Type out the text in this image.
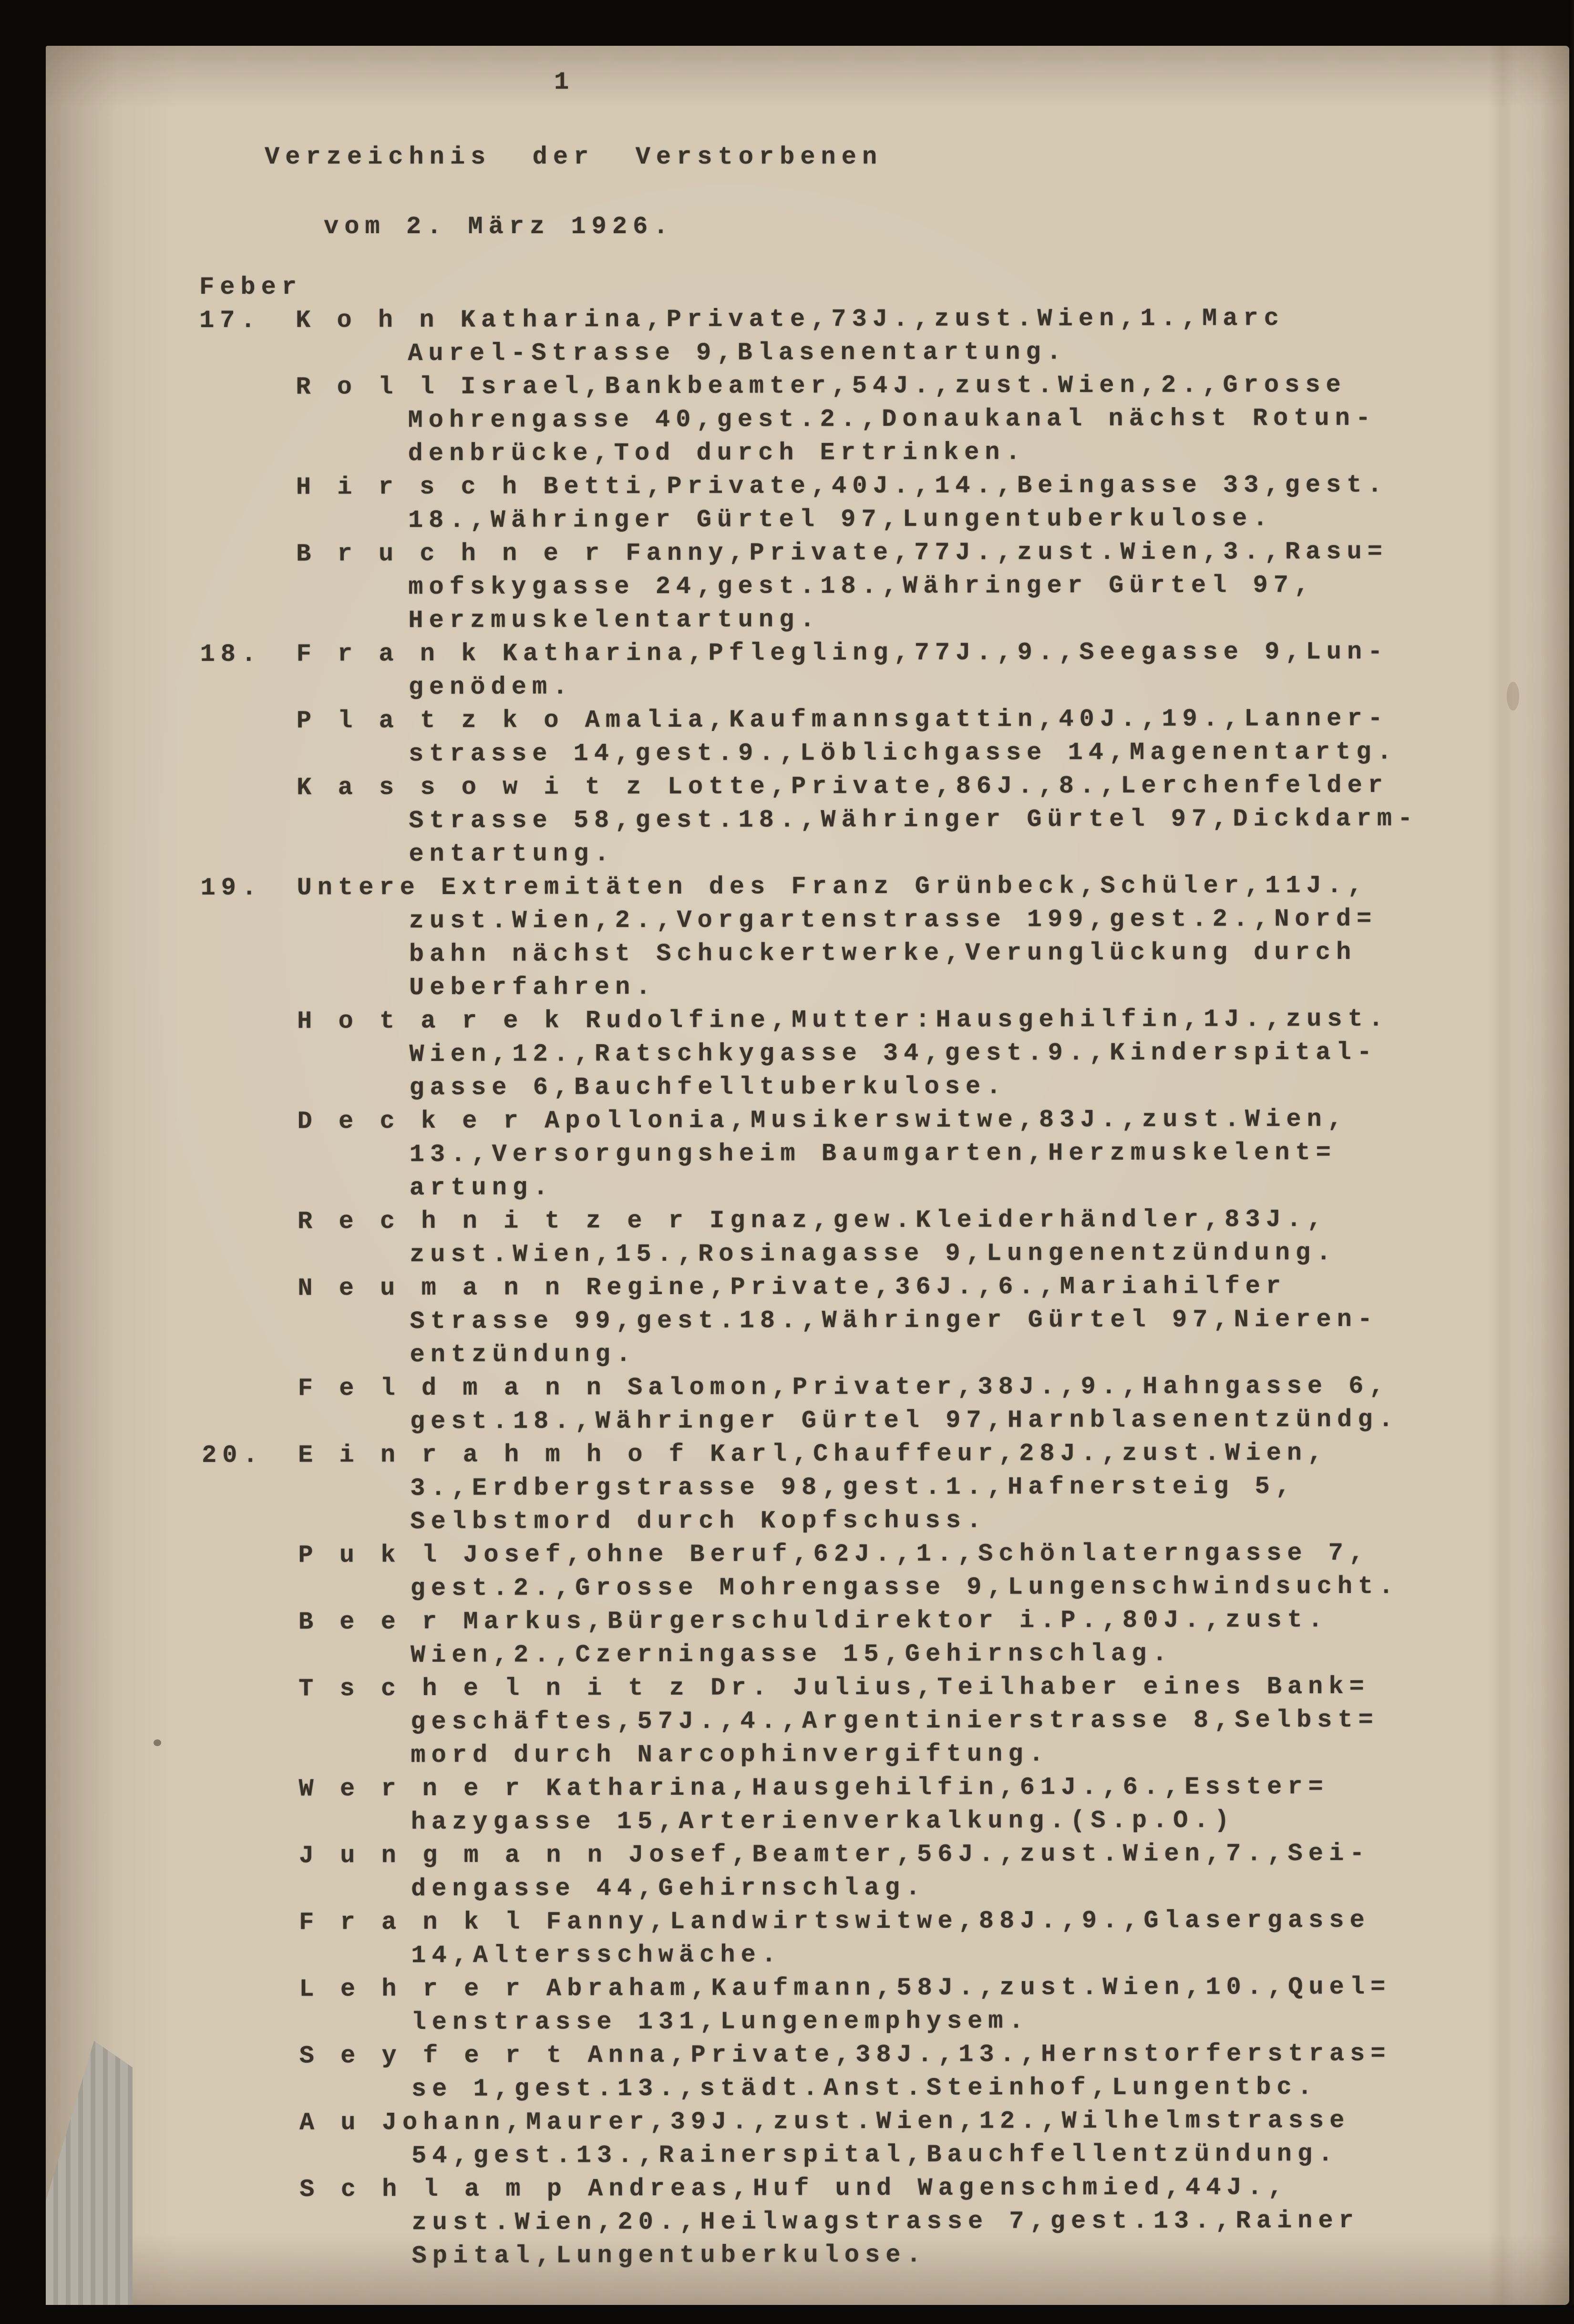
1
Verzeichnis  der  Verstorbenen
vom 2. März 1926.
Feber
17. K o h n Katharina,Private,73J.,zust.Wien,1.,Marc
Aurel-Strasse 9,Blasenentartung.
R o l l Israel,Bankbeamter,54J.,zust.Wien,2.,Grosse
Mohrengasse 40,gest.2.,Donaukanal nächst Rotun-
denbrücke,Tod durch Ertrinken.
H i r s c h Betti,Private,40J.,14.,Beingasse 33,gest.
18.,Währinger Gürtel 97,Lungentuberkulose.
B r u c h n e r Fanny,Private,77J.,zust.Wien,3.,Rasu=
mofskygasse 24,gest.18.,Währinger Gürtel 97,
Herzmuskelentartung.
18. F r a n k Katharina,Pflegling,77J.,9.,Seegasse 9,Lun-
genödem.
P l a t z k o Amalia,Kaufmannsgattin,40J.,19.,Lanner-
strasse 14,gest.9.,Löblichgasse 14,Magenentartg.
K a s s o w i t z Lotte,Private,86J.,8.,Lerchenfelder
Strasse 58,gest.18.,Währinger Gürtel 97,Dickdarm-
entartung.
19. Untere Extremitäten des Franz Grünbeck,Schüler,11J.,
zust.Wien,2.,Vorgartenstrasse 199,gest.2.,Nord=
bahn nächst Schuckertwerke,Verunglückung durch
Ueberfahren.
H o t a r e k Rudolfine,Mutter:Hausgehilfin,1J.,zust.
Wien,12.,Ratschkygasse 34,gest.9.,Kinderspital-
gasse 6,Bauchfelltuberkulose.
D e c k e r Apollonia,Musikerswitwe,83J.,zust.Wien,
13.,Versorgungsheim Baumgarten,Herzmuskelent=
artung.
R e c h n i t z e r Ignaz,gew.Kleiderhändler,83J.,
zust.Wien,15.,Rosinagasse 9,Lungenentzündung.
N e u m a n n Regine,Private,36J.,6.,Mariahilfer
Strasse 99,gest.18.,Währinger Gürtel 97,Nieren-
entzündung.
F e l d m a n n Salomon,Privater,38J.,9.,Hahngasse 6,
gest.18.,Währinger Gürtel 97,Harnblasenentzündg.
20. E i n r a h m h o f Karl,Chauffeur,28J.,zust.Wien,
3.,Erdbergstrasse 98,gest.1.,Hafnersteig 5,
Selbstmord durch Kopfschuss.
P u k l Josef,ohne Beruf,62J.,1.,Schönlaterngasse 7,
gest.2.,Grosse Mohrengasse 9,Lungenschwindsucht.
B e e r Markus,Bürgerschuldirektor i.P.,80J.,zust.
Wien,2.,Czerningasse 15,Gehirnschlag.
T s c h e l n i t z Dr. Julius,Teilhaber eines Bank=
geschäftes,57J.,4.,Argentinierstrasse 8,Selbst=
mord durch Narcophinvergiftung.
W e r n e r Katharina,Hausgehilfin,61J.,6.,Esster=
hazygasse 15,Arterienverkalkung.(S.p.O.)
J u n g m a n n Josef,Beamter,56J.,zust.Wien,7.,Sei-
dengasse 44,Gehirnschlag.
F r a n k l Fanny,Landwirtswitwe,88J.,9.,Glasergasse
14,Altersschwäche.
L e h r e r Abraham,Kaufmann,58J.,zust.Wien,10.,Quel=
lenstrasse 131,Lungenemphysem.
S e y f e r t Anna,Private,38J.,13.,Hernstorferstras=
se 1,gest.13.,städt.Anst.Steinhof,Lungentbc.
A u Johann,Maurer,39J.,zust.Wien,12.,Wilhelmstrasse
54,gest.13.,Rainerspital,Bauchfellentzündung.
S c h l a m p Andreas,Huf und Wagenschmied,44J.,
zust.Wien,20.,Heilwagstrasse 7,gest.13.,Rainer
Spital,Lungentuberkulose.
